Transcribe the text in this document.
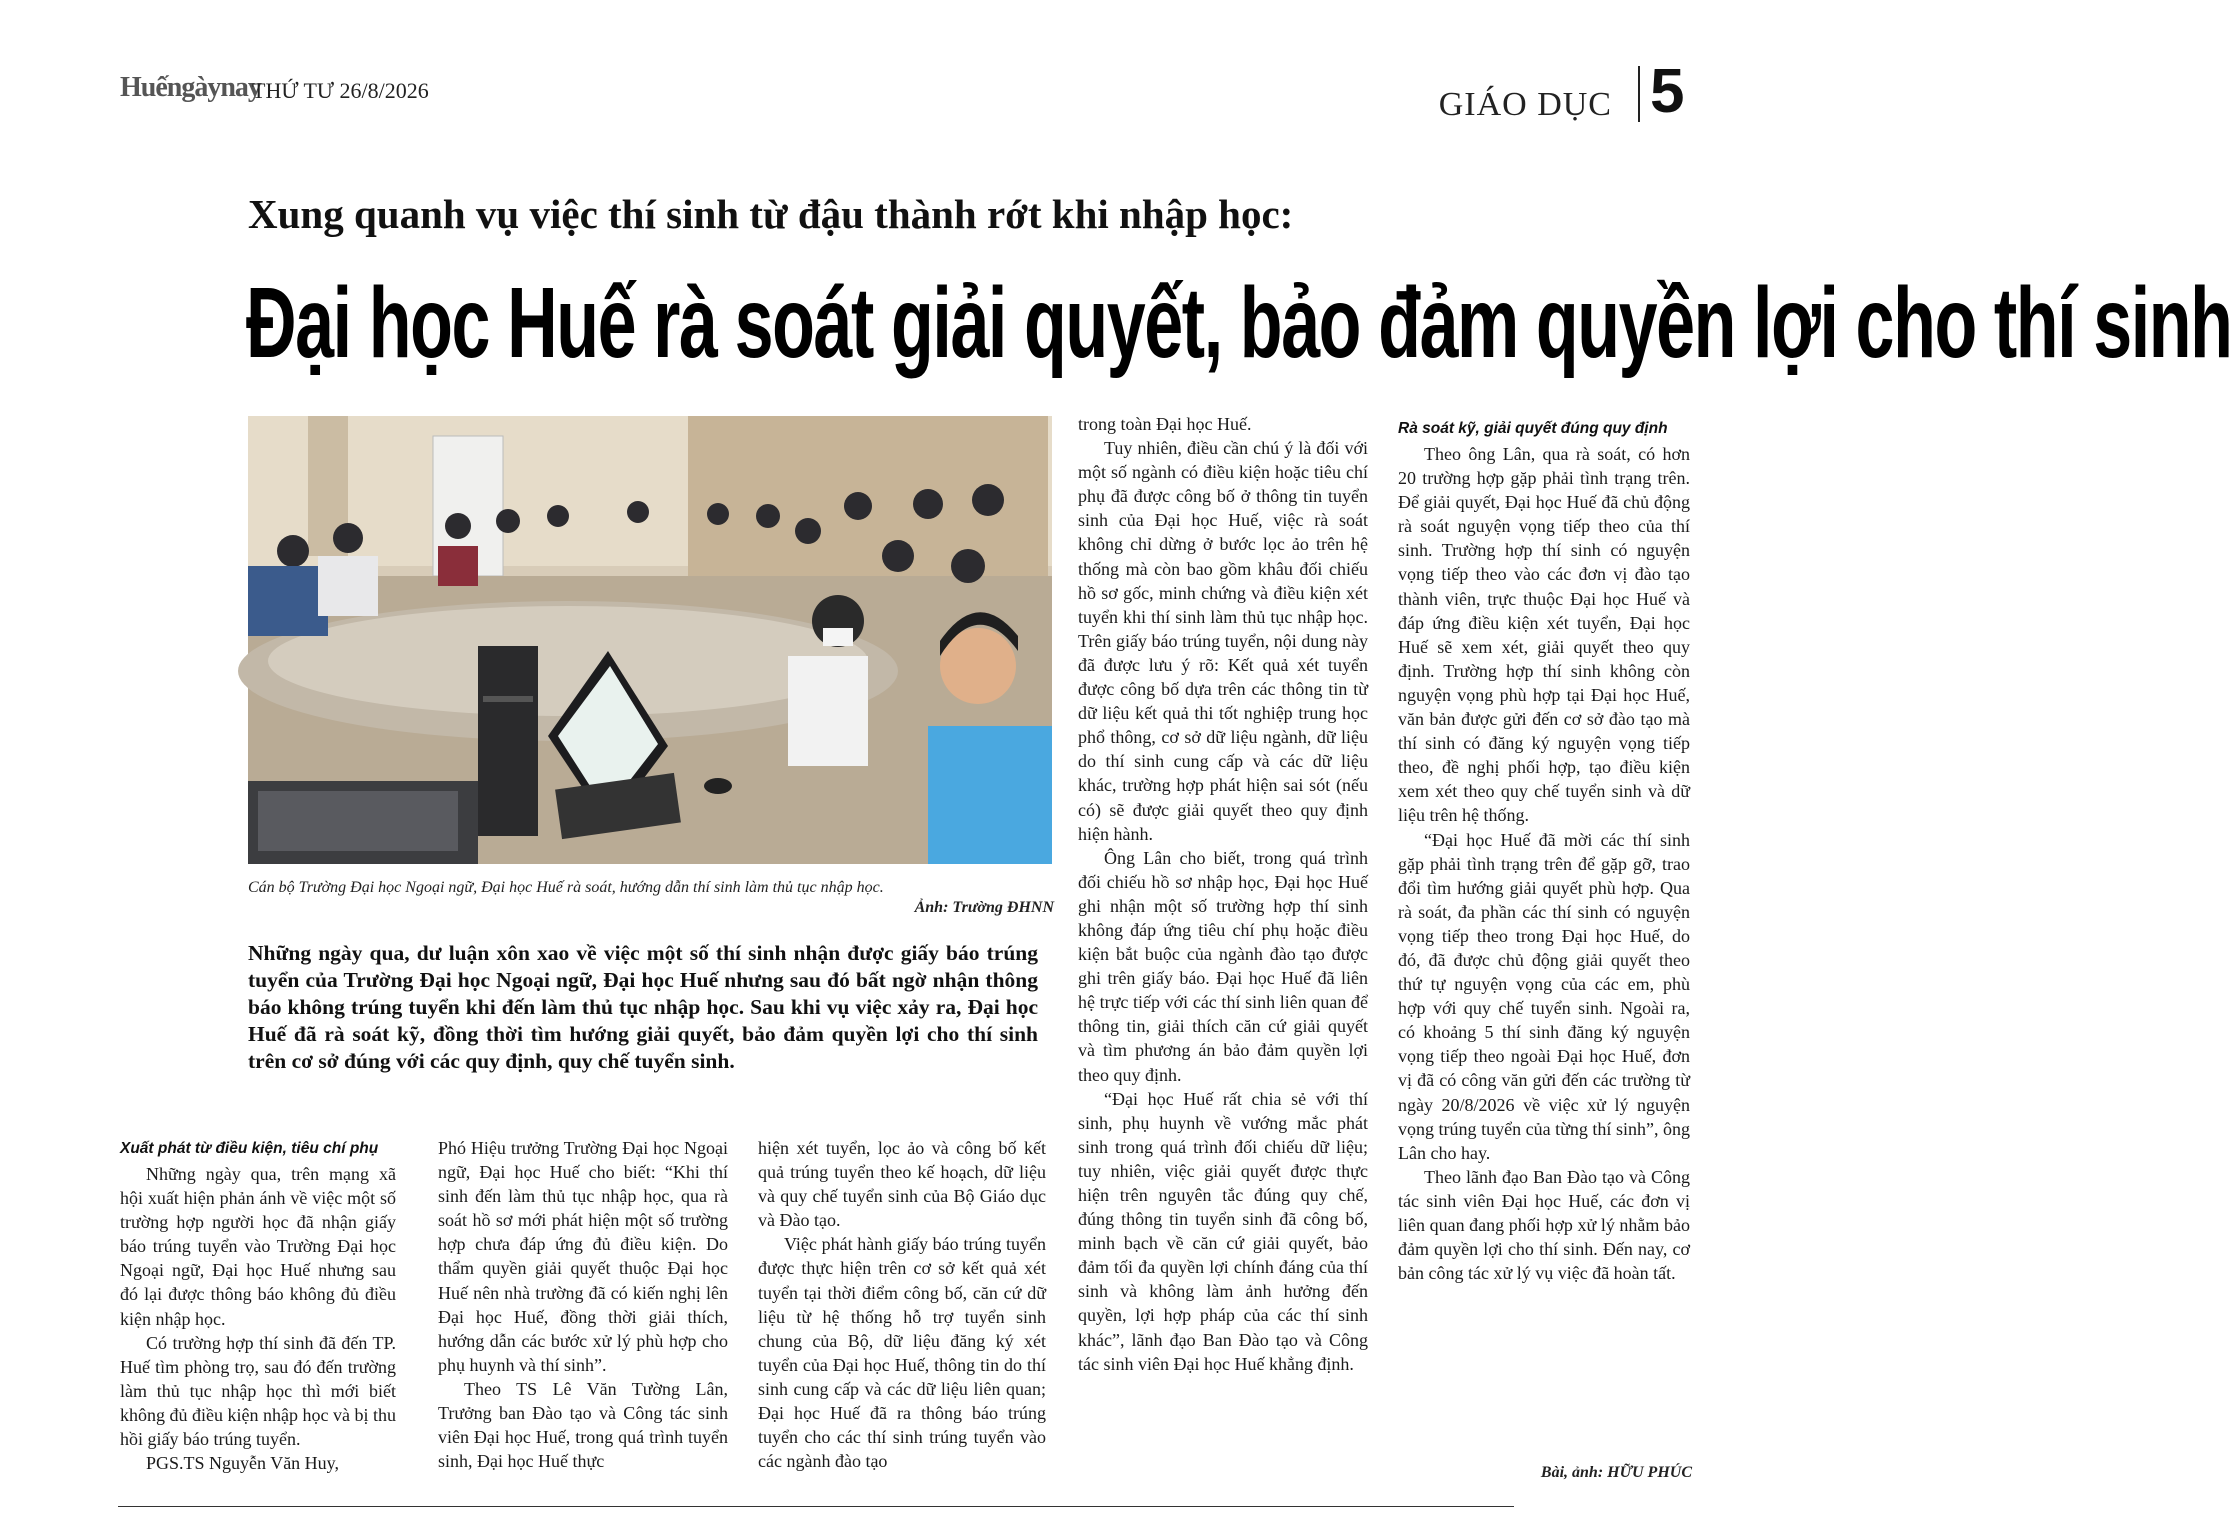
Huếngàynay
THỨ TƯ 26/8/2026	GIÁO DỤC 5
Xung quanh vụ việc thí sinh từ đậu thành rớt khi nhập học:
Đại học Huế rà soát giải quyết, bảo đảm quyền lợi cho thí sinh
Cán bộ Trường Đại học Ngoại ngữ, Đại học Huế rà soát, hướng dẫn thí sinh làm thủ tục nhập học.
Ảnh: Trường ĐHNN
Những ngày qua, dư luận xôn xao về việc một số thí sinh nhận được giấy báo trúng tuyển của Trường Đại học Ngoại ngữ, Đại học Huế nhưng sau đó bất ngờ nhận thông báo không trúng tuyển khi đến làm thủ tục nhập học. Sau khi vụ việc xảy ra, Đại học Huế đã rà soát kỹ, đồng thời tìm hướng giải quyết, bảo đảm quyền lợi cho thí sinh trên cơ sở đúng với các quy định, quy chế tuyển sinh.
Xuất phát từ điều kiện, tiêu chí phụ

Những ngày qua, trên mạng xã hội xuất hiện phản ánh về việc một số trường hợp người học đã nhận giấy báo trúng tuyển vào Trường Đại học Ngoại ngữ, Đại học Huế nhưng sau đó lại được thông báo không đủ điều kiện nhập học.

Có trường hợp thí sinh đã đến TP. Huế tìm phòng trọ, sau đó đến trường làm thủ tục nhập học thì mới biết không đủ điều kiện nhập học và bị thu hồi giấy báo trúng tuyển.

PGS.TS Nguyễn Văn Huy,

Phó Hiệu trưởng Trường Đại học Ngoại ngữ, Đại học Huế cho biết: “Khi thí sinh đến làm thủ tục nhập học, qua rà soát hồ sơ mới phát hiện một số trường hợp chưa đáp ứng đủ điều kiện. Do thẩm quyền giải quyết thuộc Đại học Huế nên nhà trường đã có kiến nghị lên Đại học Huế, đồng thời giải thích, hướng dẫn các bước xử lý phù hợp cho phụ huynh và thí sinh”.

Theo TS Lê Văn Tường Lân, Trưởng ban Đào tạo và Công tác sinh viên Đại học Huế, trong quá trình tuyển sinh, Đại học Huế thực

hiện xét tuyển, lọc ảo và công bố kết quả trúng tuyển theo kế hoạch, dữ liệu và quy chế tuyển sinh của Bộ Giáo dục và Đào tạo.

Việc phát hành giấy báo trúng tuyển được thực hiện trên cơ sở kết quả xét tuyển tại thời điểm công bố, căn cứ dữ liệu từ hệ thống hỗ trợ tuyển sinh chung của Bộ, dữ liệu đăng ký xét tuyển của Đại học Huế, thông tin do thí sinh cung cấp và các dữ liệu liên quan; Đại học Huế đã ra thông báo trúng tuyển cho các thí sinh trúng tuyển vào các ngành đào tạo

trong toàn Đại học Huế.

Tuy nhiên, điều cần chú ý là đối với một số ngành có điều kiện hoặc tiêu chí phụ đã được công bố ở thông tin tuyển sinh của Đại học Huế, việc rà soát không chỉ dừng ở bước lọc ảo trên hệ thống mà còn bao gồm khâu đối chiếu hồ sơ gốc, minh chứng và điều kiện xét tuyển khi thí sinh làm thủ tục nhập học. Trên giấy báo trúng tuyển, nội dung này đã được lưu ý rõ: Kết quả xét tuyển được công bố dựa trên các thông tin từ dữ liệu kết quả thi tốt nghiệp trung học phổ thông, cơ sở dữ liệu ngành, dữ liệu do thí sinh cung cấp và các dữ liệu khác, trường hợp phát hiện sai sót (nếu có) sẽ được giải quyết theo quy định hiện hành.

Ông Lân cho biết, trong quá trình đối chiếu hồ sơ nhập học, Đại học Huế ghi nhận một số trường hợp thí sinh không đáp ứng tiêu chí phụ hoặc điều kiện bắt buộc của ngành đào tạo được ghi trên giấy báo. Đại học Huế đã liên hệ trực tiếp với các thí sinh liên quan để thông tin, giải thích căn cứ giải quyết và tìm phương án bảo đảm quyền lợi theo quy định.

“Đại học Huế rất chia sẻ với thí sinh, phụ huynh về vướng mắc phát sinh trong quá trình đối chiếu dữ liệu; tuy nhiên, việc giải quyết được thực hiện trên nguyên tắc đúng quy chế, đúng thông tin tuyển sinh đã công bố, minh bạch về căn cứ giải quyết, bảo đảm tối đa quyền lợi chính đáng của thí sinh và không làm ảnh hưởng đến quyền, lợi hợp pháp của các thí sinh khác”, lãnh đạo Ban Đào tạo và Công tác sinh viên Đại học Huế khẳng định.

Rà soát kỹ, giải quyết đúng quy định

Theo ông Lân, qua rà soát, có hơn 20 trường hợp gặp phải tình trạng trên. Để giải quyết, Đại học Huế đã chủ động rà soát nguyện vọng tiếp theo của thí sinh. Trường hợp thí sinh có nguyện vọng tiếp theo vào các đơn vị đào tạo thành viên, trực thuộc Đại học Huế và đáp ứng điều kiện xét tuyển, Đại học Huế sẽ xem xét, giải quyết theo quy định. Trường hợp thí sinh không còn nguyện vọng phù hợp tại Đại học Huế, văn bản được gửi đến cơ sở đào tạo mà thí sinh có đăng ký nguyện vọng tiếp theo, đề nghị phối hợp, tạo điều kiện xem xét theo quy chế tuyển sinh và dữ liệu trên hệ thống.

“Đại học Huế đã mời các thí sinh gặp phải tình trạng trên để gặp gỡ, trao đổi tìm hướng giải quyết phù hợp. Qua rà soát, đa phần các thí sinh có nguyện vọng tiếp theo trong Đại học Huế, do đó, đã được chủ động giải quyết theo thứ tự nguyện vọng của các em, phù hợp với quy chế tuyển sinh. Ngoài ra, có khoảng 5 thí sinh đăng ký nguyện vọng tiếp theo ngoài Đại học Huế, đơn vị đã có công văn gửi đến các trường từ ngày 20/8/2026 về việc xử lý nguyện vọng trúng tuyển của từng thí sinh”, ông Lân cho hay.

Theo lãnh đạo Ban Đào tạo và Công tác sinh viên Đại học Huế, các đơn vị liên quan đang phối hợp xử lý nhằm bảo đảm quyền lợi cho thí sinh. Đến nay, cơ bản công tác xử lý vụ việc đã hoàn tất.

Bài, ảnh: HỮU PHÚC
